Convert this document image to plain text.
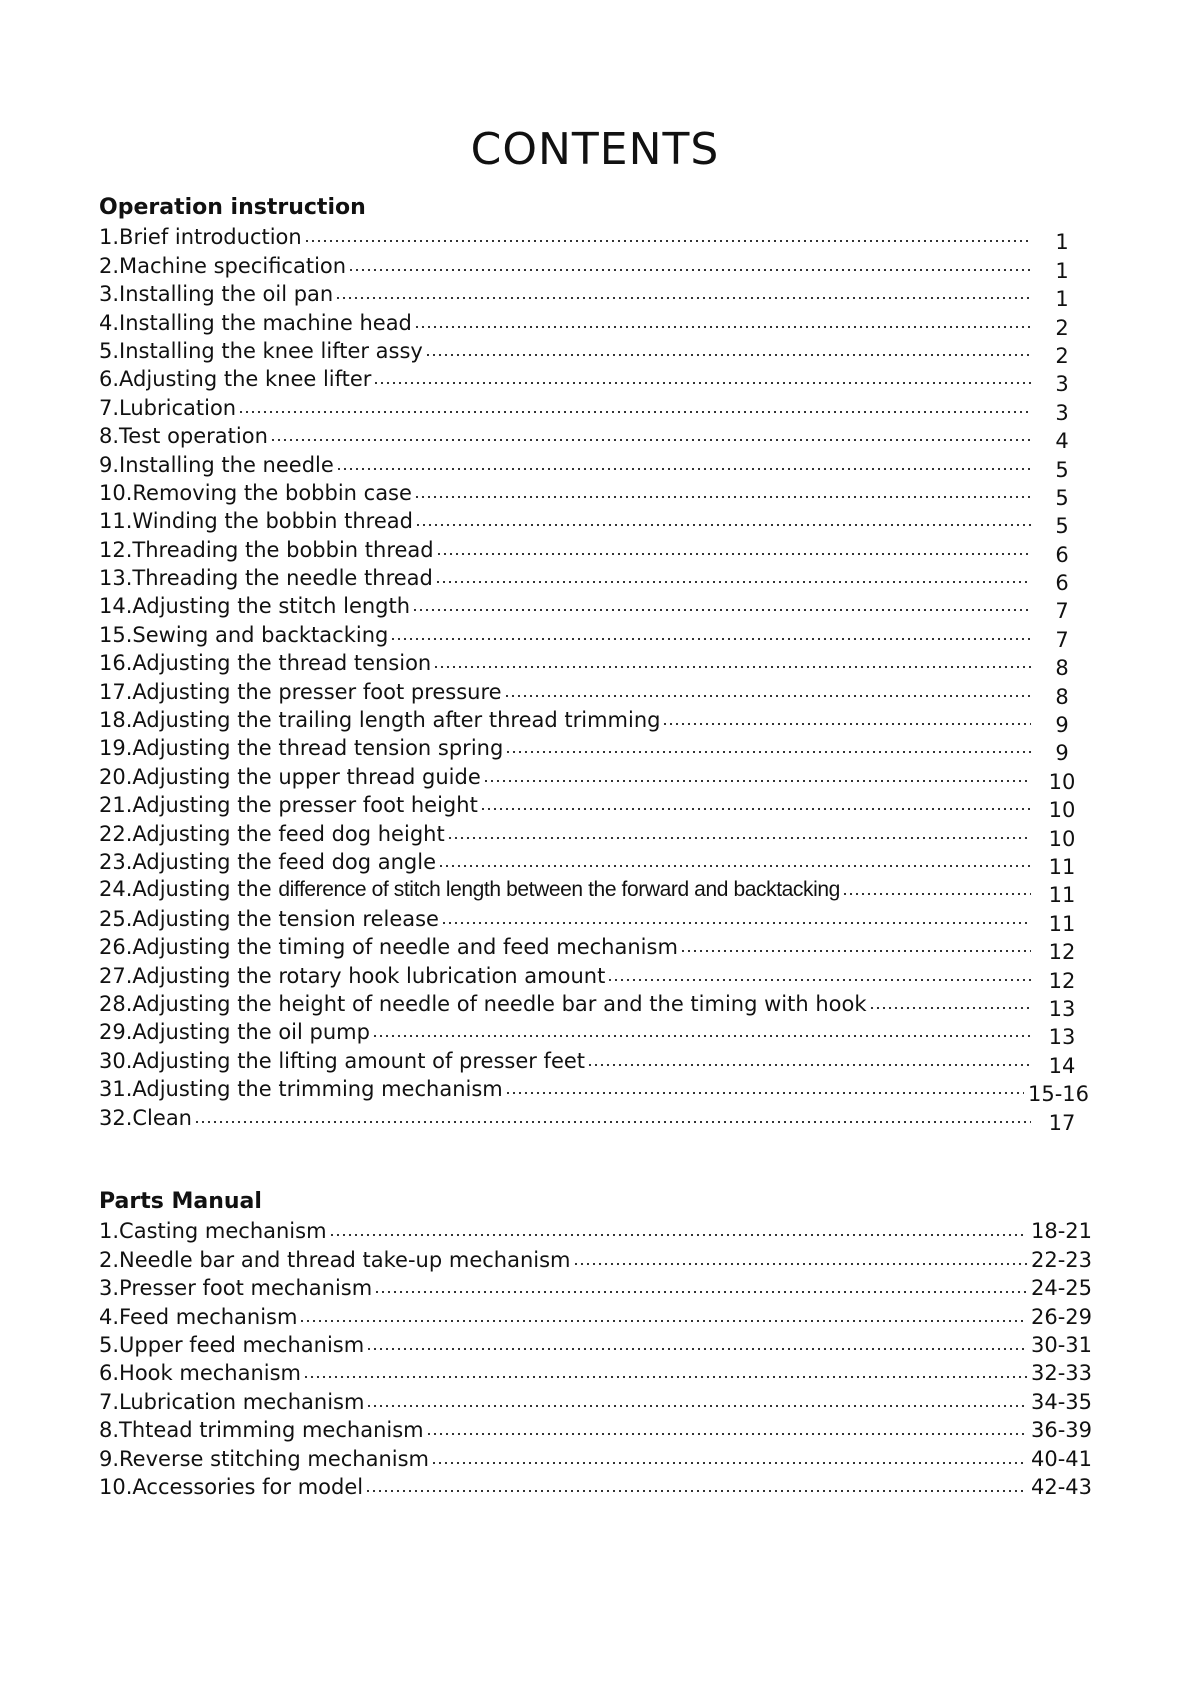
CONTENTS
Operation instruction
1.Brief introduction	1
2.Machine specification	1
3.Installing the oil pan	1
4.Installing the machine head	2
5.Installing the knee lifter assy	2
6.Adjusting the knee lifter	3
7.Lubrication	3
8.Test operation	4
9.Installing the needle	5
10.Removing the bobbin case	5
11.Winding the bobbin thread	5
12.Threading the bobbin thread	6
13.Threading the needle thread	6
14.Adjusting the stitch length	7
15.Sewing and backtacking	7
16.Adjusting the thread tension	8
17.Adjusting the presser foot pressure	8
18.Adjusting the trailing length after thread trimming	9
19.Adjusting the thread tension spring	9
20.Adjusting the upper thread guide	10
21.Adjusting the presser foot height	10
22.Adjusting the feed dog height	10
23.Adjusting the feed dog angle	11
24.Adjusting the difference of stitch length between the forward and backtacking	11
25.Adjusting the tension release	11
26.Adjusting the timing of needle and feed mechanism	12
27.Adjusting the rotary hook lubrication amount	12
28.Adjusting the height of needle of needle bar and the timing with hook	13
29.Adjusting the oil pump	13
30.Adjusting the lifting amount of presser feet	14
31.Adjusting the trimming mechanism	15-16
32.Clean	17
Parts Manual
1.Casting mechanism	18-21
2.Needle bar and thread take-up mechanism	22-23
3.Presser foot mechanism	24-25
4.Feed mechanism	26-29
5.Upper feed mechanism	30-31
6.Hook mechanism	32-33
7.Lubrication mechanism	34-35
8.Thtead trimming mechanism	36-39
9.Reverse stitching mechanism	40-41
10.Accessories for model	42-43
